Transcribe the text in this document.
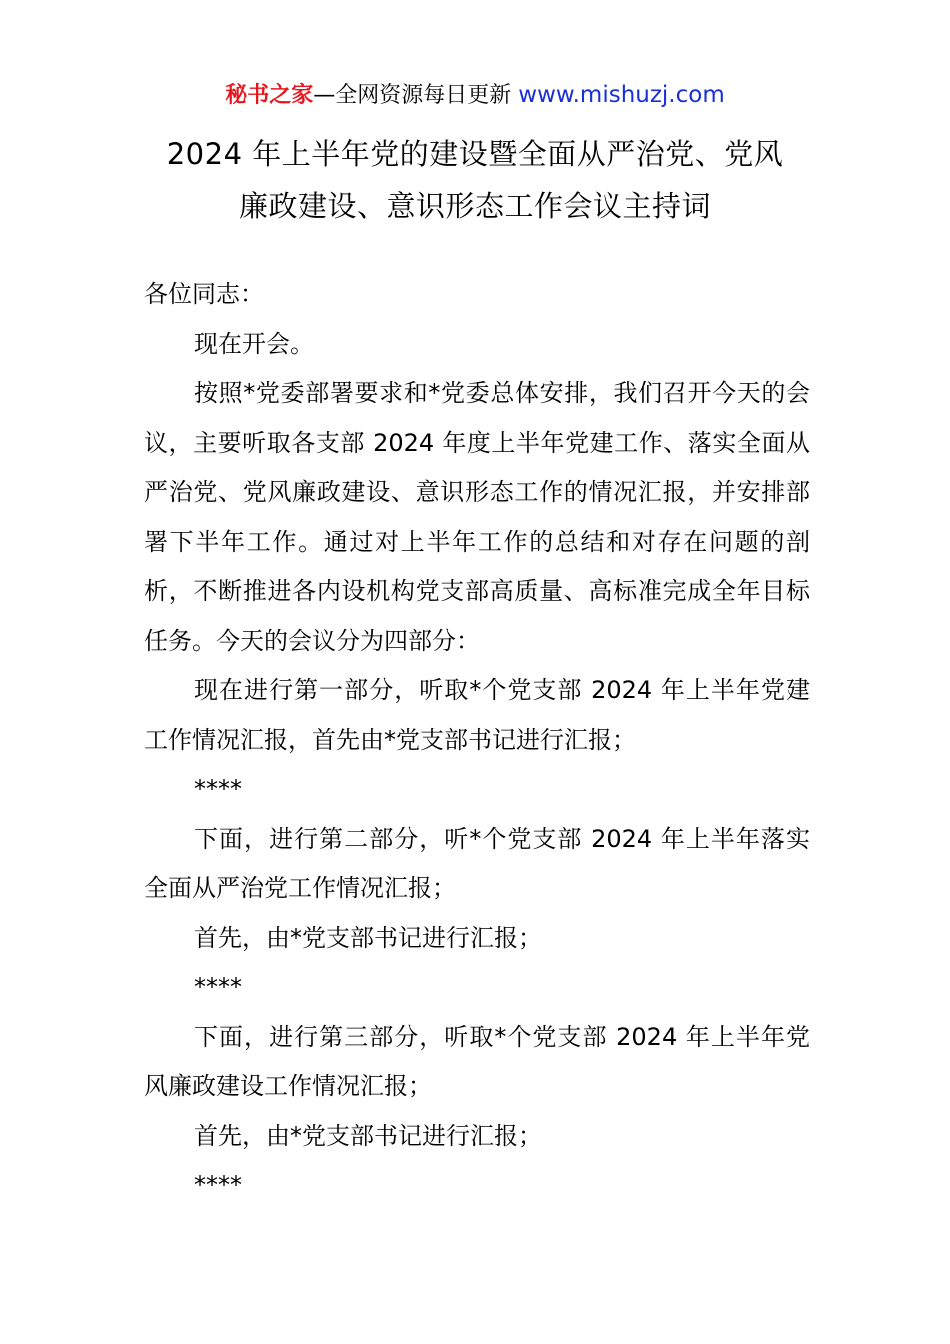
秘书之家—全网资源每日更新 www.mishuzj.com
2024 年上半年党的建设暨全面从严治党、党风
廉政建设、意识形态工作会议主持词

各位同志：

现在开会。

按照*党委部署要求和*党委总体安排，我们召开今天的会议，主要听取各支部 2024 年度上半年党建工作、落实全面从严治党、党风廉政建设、意识形态工作的情况汇报，并安排部署下半年工作。通过对上半年工作的总结和对存在问题的剖析，不断推进各内设机构党支部高质量、高标准完成全年目标任务。今天的会议分为四部分：

现在进行第一部分，听取*个党支部 2024 年上半年党建工作情况汇报，首先由*党支部书记进行汇报；

****

下面，进行第二部分，听*个党支部 2024 年上半年落实全面从严治党工作情况汇报；

首先，由*党支部书记进行汇报；

****

下面，进行第三部分，听取*个党支部 2024 年上半年党风廉政建设工作情况汇报；

首先，由*党支部书记进行汇报；

****
